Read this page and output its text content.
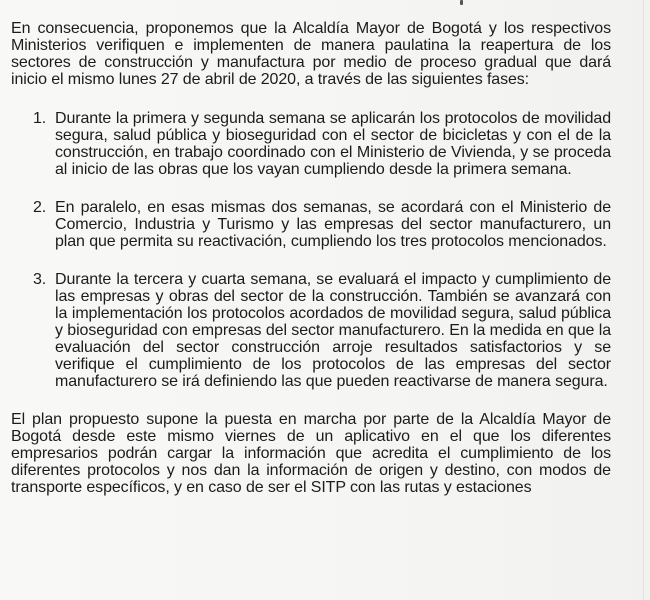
En consecuencia, proponemos que la Alcaldía Mayor de Bogotá y los respectivos Ministerios verifiquen e implementen de manera paulatina la reapertura de los sectores de construcción y manufactura por medio de proceso gradual que dará inicio el mismo lunes 27 de abril de 2020, a través de las siguientes fases:

1. Durante la primera y segunda semana se aplicarán los protocolos de movilidad segura, salud pública y bioseguridad con el sector de bicicletas y con el de la construcción, en trabajo coordinado con el Ministerio de Vivienda, y se proceda al inicio de las obras que los vayan cumpliendo desde la primera semana.
2. En paralelo, en esas mismas dos semanas, se acordará con el Ministerio de Comercio, Industria y Turismo y las empresas del sector manufacturero, un plan que permita su reactivación, cumpliendo los tres protocolos mencionados.
3. Durante la tercera y cuarta semana, se evaluará el impacto y cumplimiento de las empresas y obras del sector de la construcción. También se avanzará con la implementación los protocolos acordados de movilidad segura, salud pública y bioseguridad con empresas del sector manufacturero. En la medida en que la evaluación del sector construcción arroje resultados satisfactorios y se verifique el cumplimiento de los protocolos de las empresas del sector manufacturero se irá definiendo las que pueden reactivarse de manera segura.

El plan propuesto supone la puesta en marcha por parte de la Alcaldía Mayor de Bogotá desde este mismo viernes de un aplicativo en el que los diferentes empresarios podrán cargar la información que acredita el cumplimiento de los diferentes protocolos y nos dan la información de origen y destino, con modos de transporte específicos, y en caso de ser el SITP con las rutas y estaciones
